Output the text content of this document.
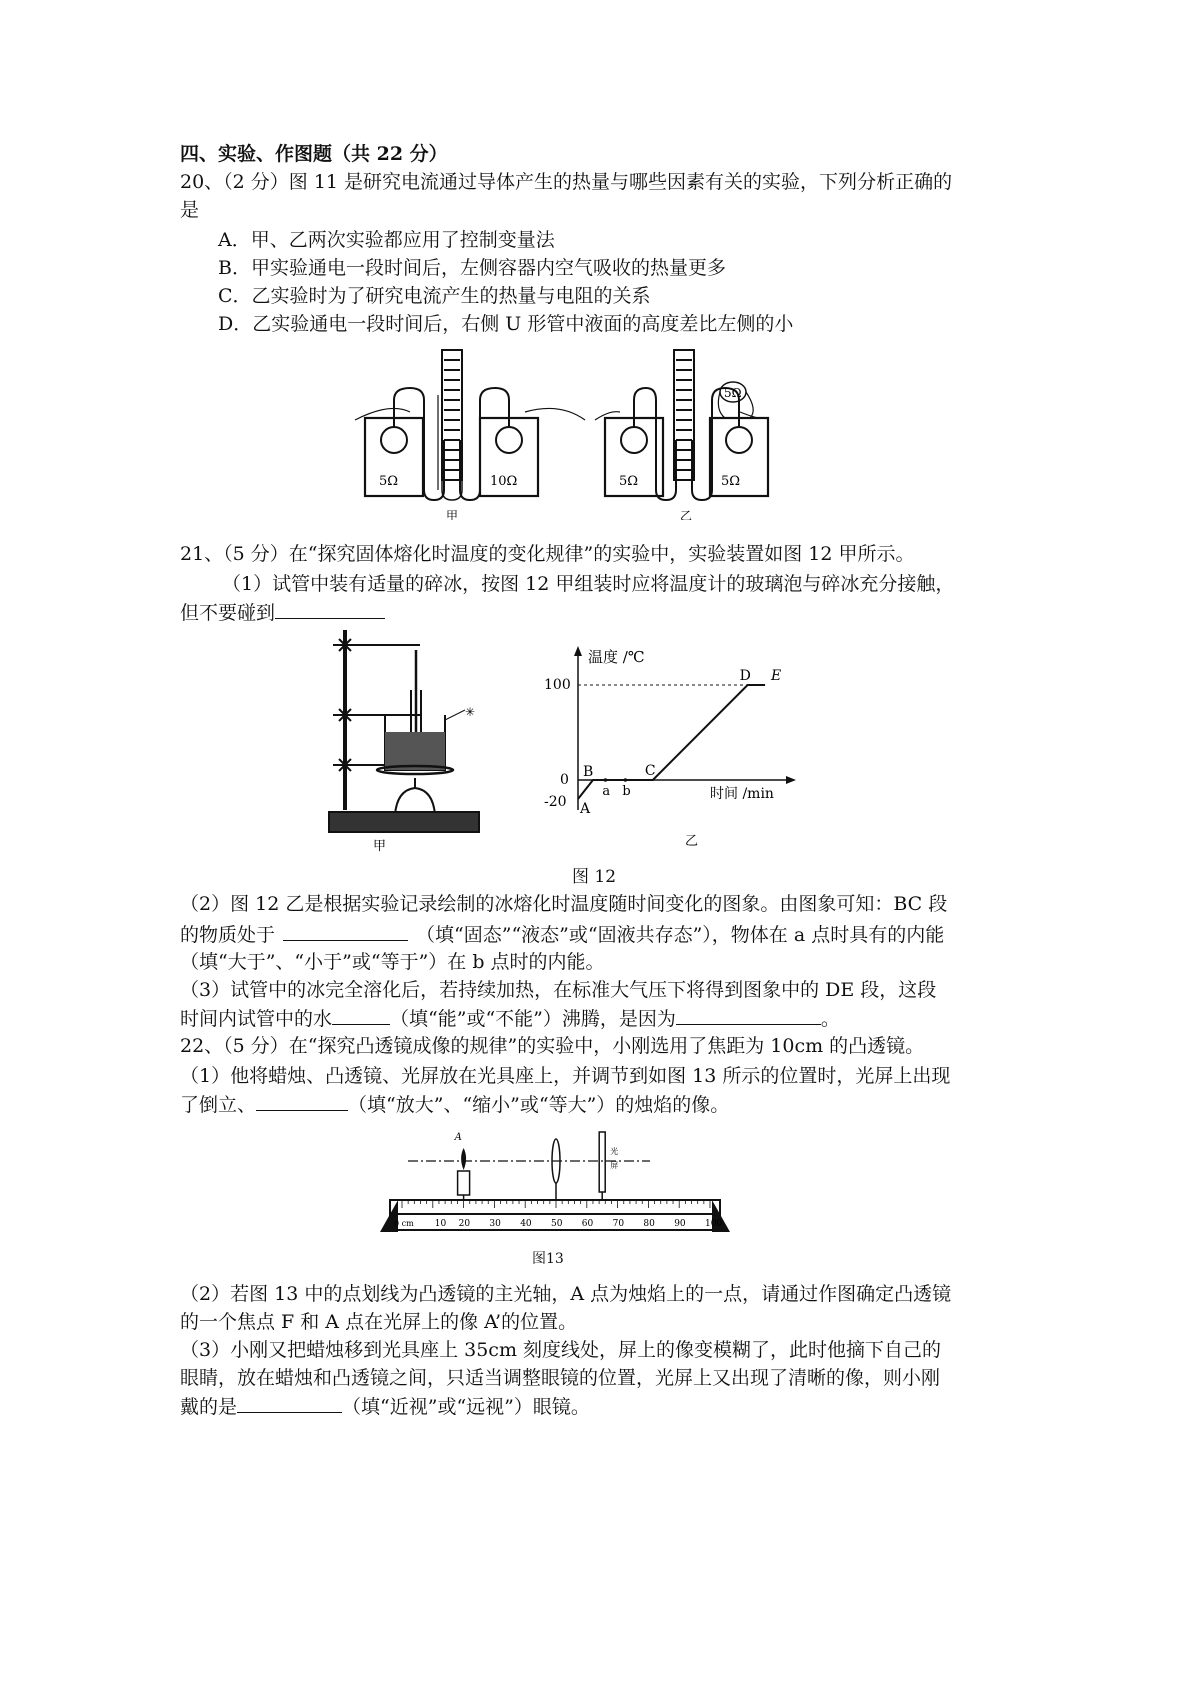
四、实验、作图题（共 22 分）
20、（2 分）图 11 是研究电流通过导体产生的热量与哪些因素有关的实验，下列分析正确的
是
A．甲、乙两次实验都应用了控制变量法
B．甲实验通电一段时间后，左侧容器内空气吸收的热量更多
C．乙实验时为了研究电流产生的热量与电阻的关系
D．乙实验通电一段时间后，右侧 U 形管中液面的高度差比左侧的小
5Ω	10Ω
甲
5Ω	5Ω
5Ω
乙
21、（5 分）在“探究固体熔化时温度的变化规律”的实验中，实验装置如图 12 甲所示。
（1）试管中装有适量的碎冰，按图 12 甲组装时应将温度计的玻璃泡与碎冰充分接触，
但不要碰到
✳
甲
A
B	C
D E
a b
温度 /℃
时间 /min
100
0
-20
乙
图 12
（2）图 12 乙是根据实验记录绘制的冰熔化时温度随时间变化的图象。由图象可知：BC 段
的物质处于	（填“固态”“液态”或“固液共存态”），物体在 a 点时具有的内能
（填“大于”、“小于”或“等于”）在 b 点时的内能。
（3）试管中的冰完全溶化后，若持续加热，在标准大气压下将得到图象中的 DE 段，这段
时间内试管中的水	（填“能”或“不能”）沸腾，是因为	。
22、（5 分）在“探究凸透镜成像的规律”的实验中，小刚选用了焦距为 10cm 的凸透镜。
（1）他将蜡烛、凸透镜、光屏放在光具座上，并调节到如图 13 所示的位置时，光屏上出现
了倒立、	（填“放大”、“缩小”或“等大”）的烛焰的像。
0 cm 10 20 30 40 50 60 70 80 90 100
A
光
屏
图13
（2）若图 13 中的点划线为凸透镜的主光轴，A 点为烛焰上的一点，请通过作图确定凸透镜
的一个焦点 F 和 A 点在光屏上的像 A’的位置。
（3）小刚又把蜡烛移到光具座上 35cm 刻度线处，屏上的像变模糊了，此时他摘下自己的
眼睛，放在蜡烛和凸透镜之间，只适当调整眼镜的位置，光屏上又出现了清晰的像，则小刚
戴的是	（填“近视”或“远视”）眼镜。
